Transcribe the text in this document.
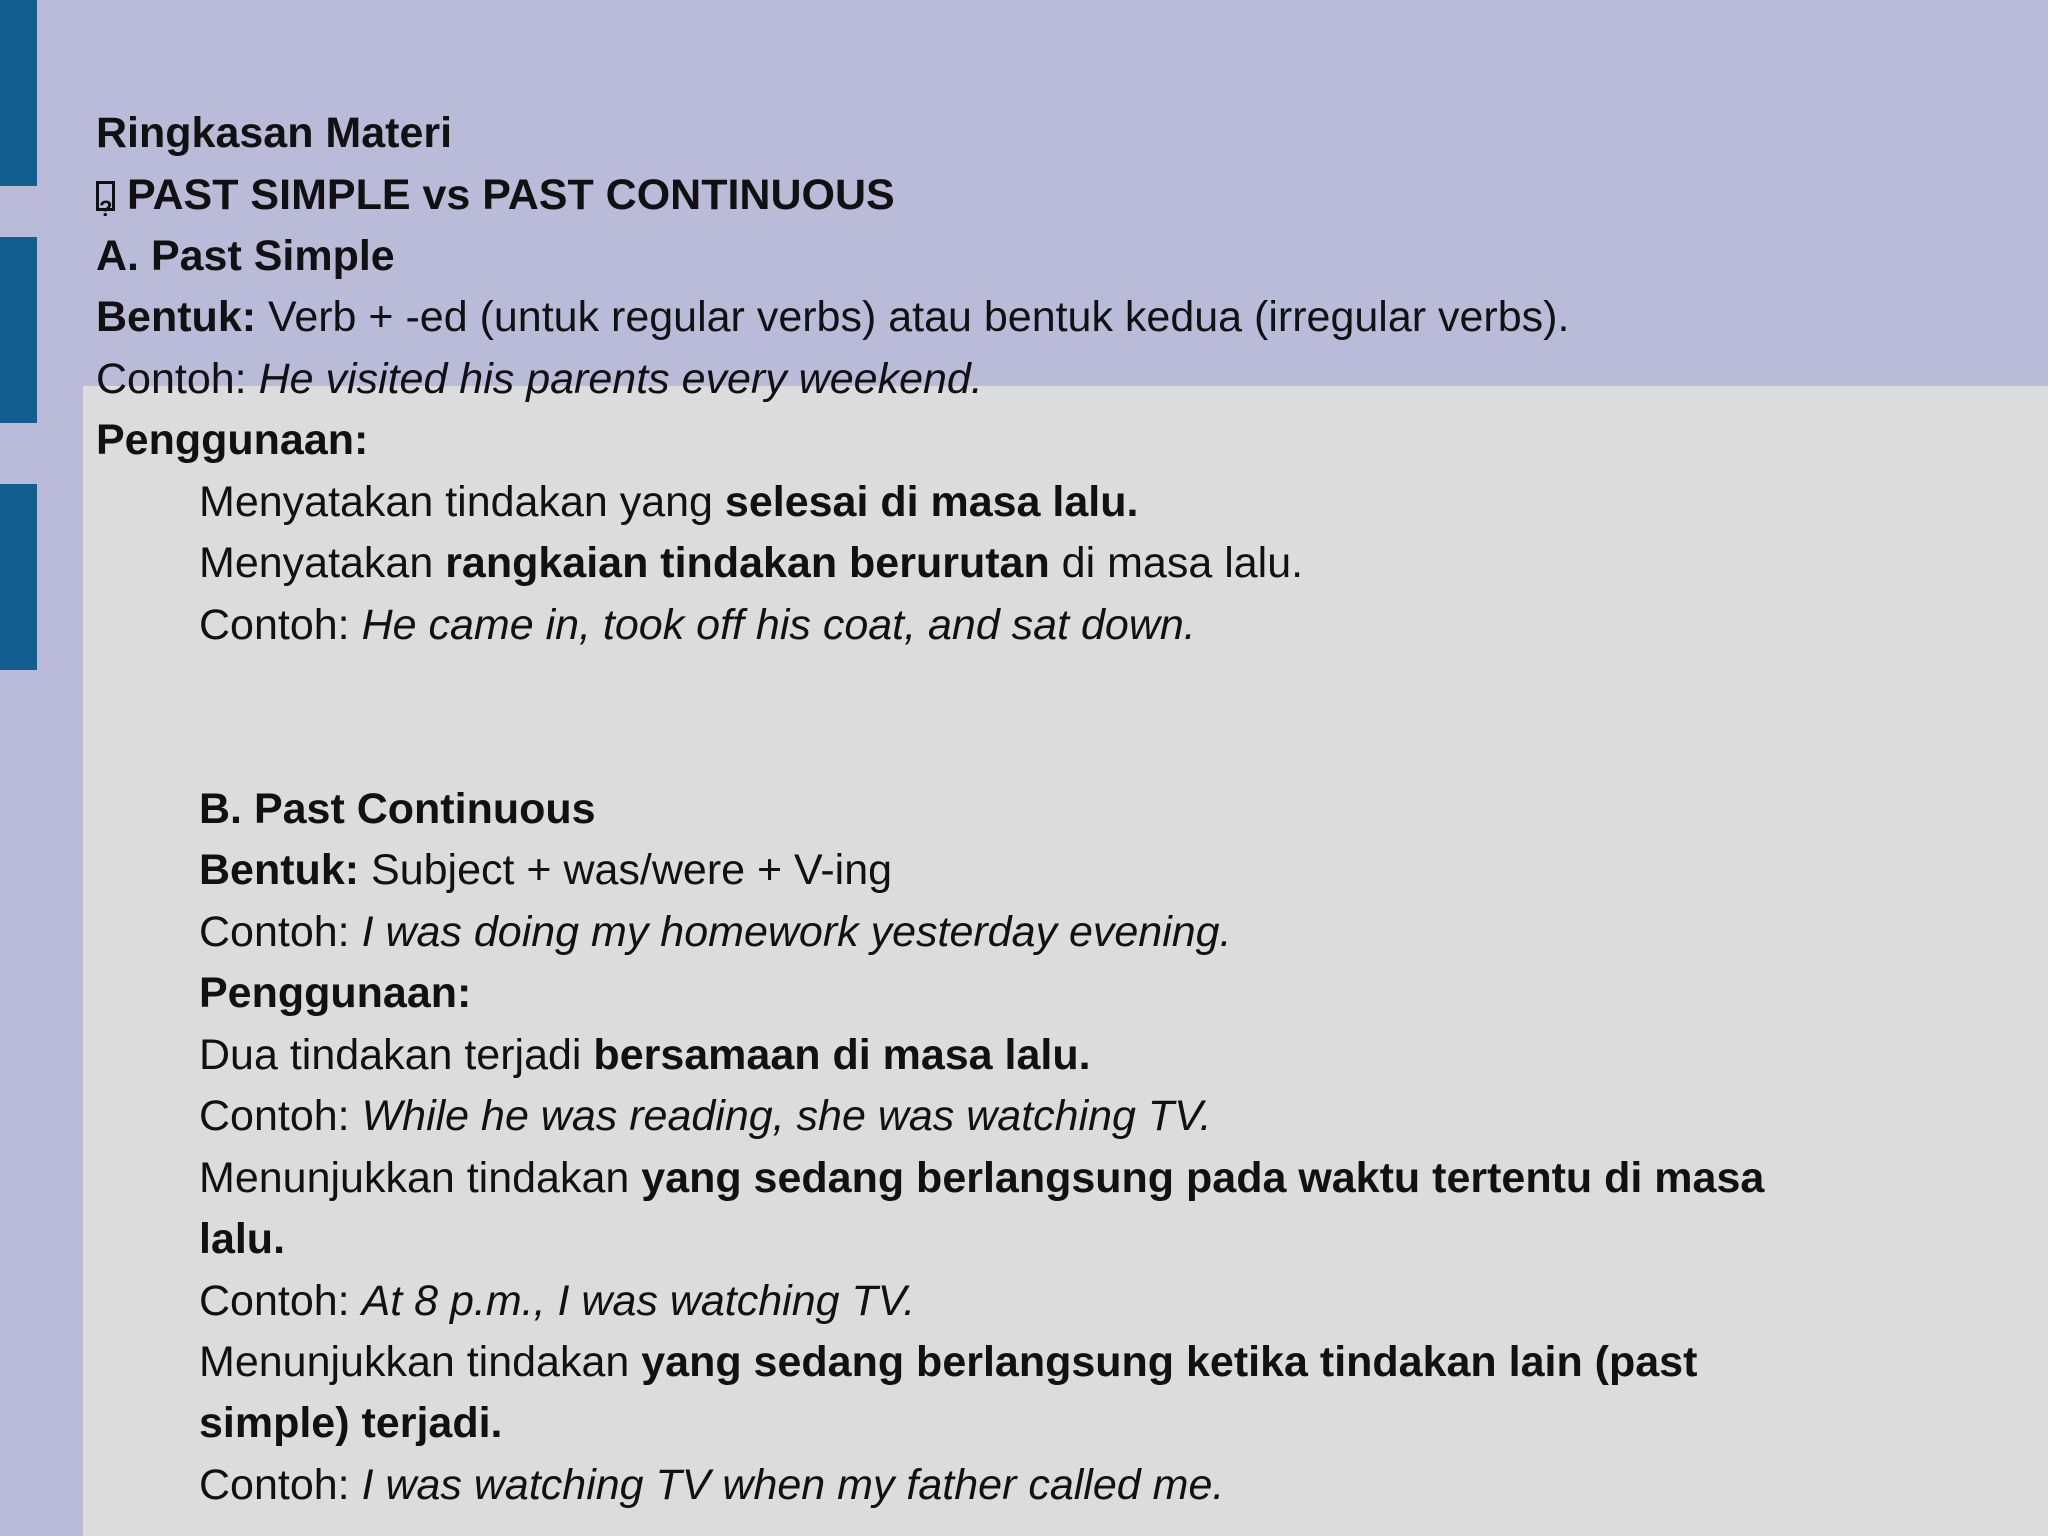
Ringkasan Materi
?PAST SIMPLE vs PAST CONTINUOUS
A. Past Simple
Bentuk: Verb + -ed (untuk regular verbs) atau bentuk kedua (irregular verbs).
Contoh: He visited his parents every weekend.
Penggunaan:
Menyatakan tindakan yang selesai di masa lalu.
Menyatakan rangkaian tindakan berurutan di masa lalu.
Contoh: He came in, took off his coat, and sat down.
B. Past Continuous
Bentuk: Subject + was/were + V-ing
Contoh: I was doing my homework yesterday evening.
Penggunaan:
Dua tindakan terjadi bersamaan di masa lalu.
Contoh: While he was reading, she was watching TV.
Menunjukkan tindakan yang sedang berlangsung pada waktu tertentu di masa
lalu.
Contoh: At 8 p.m., I was watching TV.
Menunjukkan tindakan yang sedang berlangsung ketika tindakan lain (past
simple) terjadi.
Contoh: I was watching TV when my father called me.
